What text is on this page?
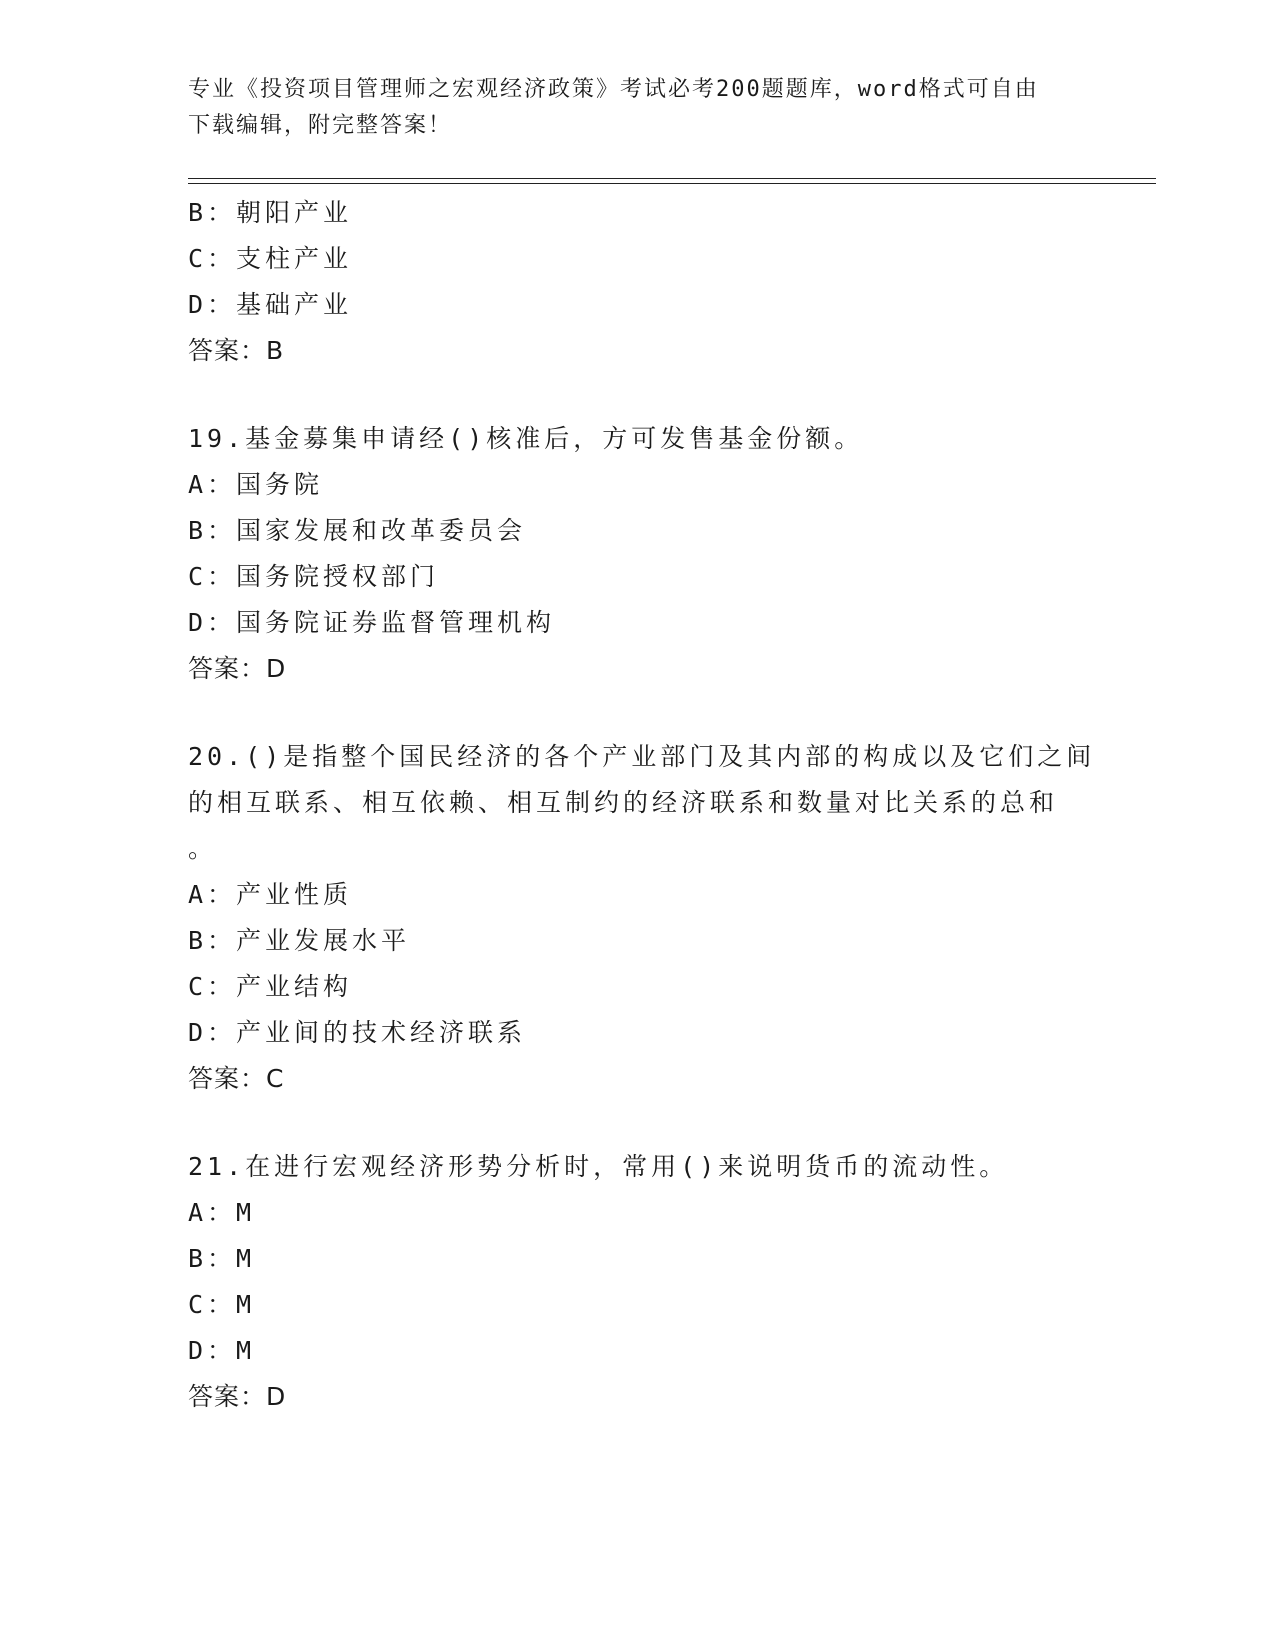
专业《投资项目管理师之宏观经济政策》考试必考200题题库，word格式可自由
下载编辑，附完整答案！
B：朝阳产业
C：支柱产业
D：基础产业
答案：B
19.基金募集申请经()核准后，方可发售基金份额。
A：国务院
B：国家发展和改革委员会
C：国务院授权部门
D：国务院证券监督管理机构
答案：D
20.()是指整个国民经济的各个产业部门及其内部的构成以及它们之间
的相互联系、相互依赖、相互制约的经济联系和数量对比关系的总和
。
A：产业性质
B：产业发展水平
C：产业结构
D：产业间的技术经济联系
答案：C
21.在进行宏观经济形势分析时，常用()来说明货币的流动性。
A：M
B：M
C：M
D：M
答案：D
